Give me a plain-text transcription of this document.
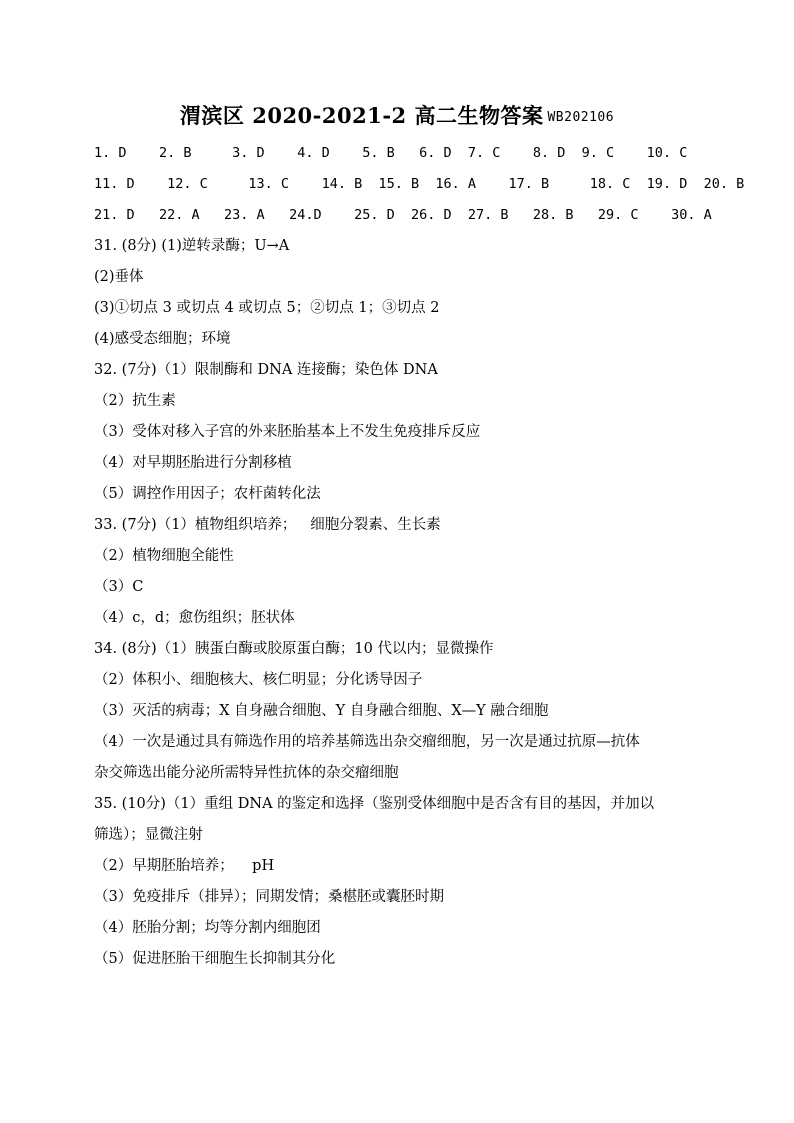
渭滨区 2020-2021-2 高二生物答案 WB202106
1. D    2. B     3. D    4. D    5. B   6. D  7. C    8. D  9. C    10. C
11. D    12. C     13. C    14. B  15. B  16. A    17. B     18. C  19. D  20. B
21. D   22. A   23. A   24.D    25. D  26. D  27. B   28. B   29. C    30. A
31. (8分) (1)逆转录酶；U→A
(2)垂体
(3)①切点 3 或切点 4 或切点 5；②切点 1；③切点 2
(4)感受态细胞；环境
32. (7分)（1）限制酶和 DNA 连接酶；染色体 DNA
（2）抗生素
（3）受体对移入子宫的外来胚胎基本上不发生免疫排斥反应
（4）对早期胚胎进行分割移植
（5）调控作用因子；农杆菌转化法
33. (7分)（1）植物组织培养；   细胞分裂素、生长素
（2）植物细胞全能性
（3）C
（4）c，d；愈伤组织；胚状体
34. (8分)（1）胰蛋白酶或胶原蛋白酶；10 代以内；显微操作
（2）体积小、细胞核大、核仁明显；分化诱导因子
（3）灭活的病毒；X 自身融合细胞、Y 自身融合细胞、X—Y 融合细胞
（4）一次是通过具有筛选作用的培养基筛选出杂交瘤细胞，另一次是通过抗原—抗体
杂交筛选出能分泌所需特异性抗体的杂交瘤细胞
35. (10分)（1）重组 DNA 的鉴定和选择（鉴别受体细胞中是否含有目的基因，并加以
筛选）；显微注射
（2）早期胚胎培养；    pH
（3）免疫排斥（排异）；同期发情；桑椹胚或囊胚时期
（4）胚胎分割；均等分割内细胞团
（5）促进胚胎干细胞生长抑制其分化
